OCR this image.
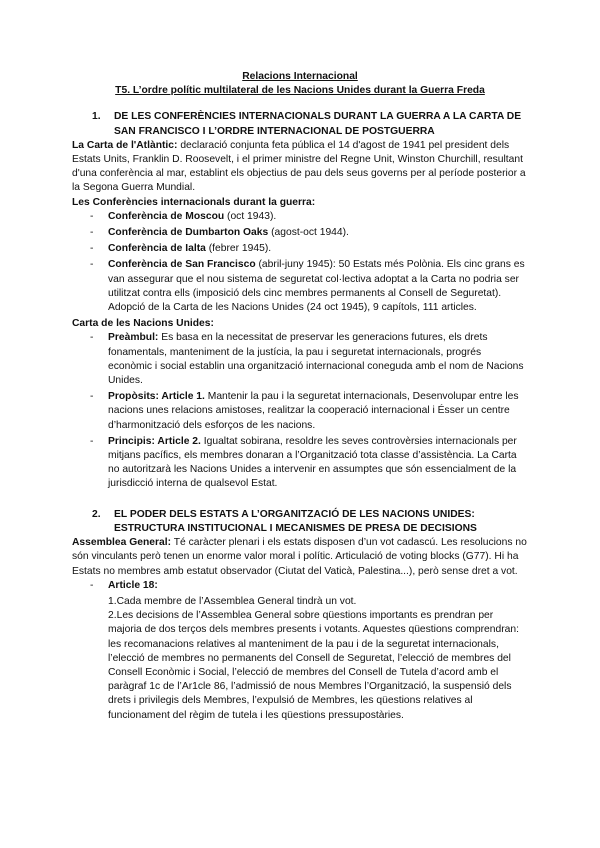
Relacions Internacional

T5. L’ordre polític multilateral de les Nacions Unides durant la Guerra Freda

1.	DE LES CONFERÈNCIES INTERNACIONALS DURANT LA GUERRA A LA CARTA DE SAN FRANCISCO I L’ORDRE INTERNACIONAL DE POSTGUERRA

La Carta de l'Atlàntic: declaració conjunta feta pública el 14 d'agost de 1941 pel president dels Estats Units, Franklin D. Roosevelt, i el primer ministre del Regne Unit, Winston Churchill, resultant d'una conferència al mar, establint els objectius de pau dels seus governs per al període posterior a la Segona Guerra Mundial.

Les Conferències internacionals durant la guerra:

- Conferència de Moscou (oct 1943).
- Conferència de Dumbarton Oaks (agost-oct 1944).
- Conferència de Ialta (febrer 1945).
- Conferència de San Francisco (abril-juny 1945): 50 Estats més Polònia. Els cinc grans es van assegurar que el nou sistema de seguretat col·lectiva adoptat a la Carta no podria ser utilitzat contra ells (imposició dels cinc membres permanents al Consell de Seguretat). Adopció de la Carta de les Nacions Unides (24 oct 1945), 9 capítols, 111 articles.

Carta de les Nacions Unides:

- Preàmbul: Es basa en la necessitat de preservar les generacions futures, els drets fonamentals, manteniment de la justícia, la pau i seguretat internacionals, progrés econòmic i social establin una organització internacional coneguda amb el nom de Nacions Unides.
- Propòsits: Article 1. Mantenir la pau i la seguretat internacionals, Desenvolupar entre les nacions unes relacions amistoses, realitzar la cooperació internacional i Ésser un centre d’harmonització dels esforços de les nacions.
- Principis: Article 2. Igualtat sobirana, resoldre les seves controvèrsies internacionals per mitjans pacífics, els membres donaran a l’Organització tota classe d’assistència. La Carta no autoritzarà les Nacions Unides a intervenir en assumptes que són essencialment de la jurisdicció interna de qualsevol Estat.
2.	EL PODER DELS ESTATS A L’ORGANITZACIÓ DE LES NACIONS UNIDES: ESTRUCTURA INSTITUCIONAL I MECANISMES DE PRESA DE DECISIONS

Assemblea General: Té caràcter plenari i els estats disposen d’un vot cadascú. Les resolucions no són vinculants però tenen un enorme valor moral i polític. Articulació de voting blocks (G77). Hi ha Estats no membres amb estatut observador (Ciutat del Vaticà, Palestina...), però sense dret a vot.

- Article 18:

1.Cada membre de l’Assemblea General tindrà un vot.

2.Les decisions de l’Assemblea General sobre qüestions importants es prendran per majoria de dos terços dels membres presents i votants. Aquestes qüestions comprendran: les recomanacions relatives al manteniment de la pau i de la seguretat internacionals, l’elecció de membres no permanents del Consell de Seguretat, l’elecció de membres del Consell Econòmic i Social, l’elecció de membres del Consell de Tutela d’acord amb el paràgraf 1c de l’Ar1cle 86, l’admissió de nous Membres l’Organització, la suspensió dels drets i privilegis dels Membres, l’expulsió de Membres, les qüestions relatives al funcionament del règim de tutela i les qüestions pressupostàries.
